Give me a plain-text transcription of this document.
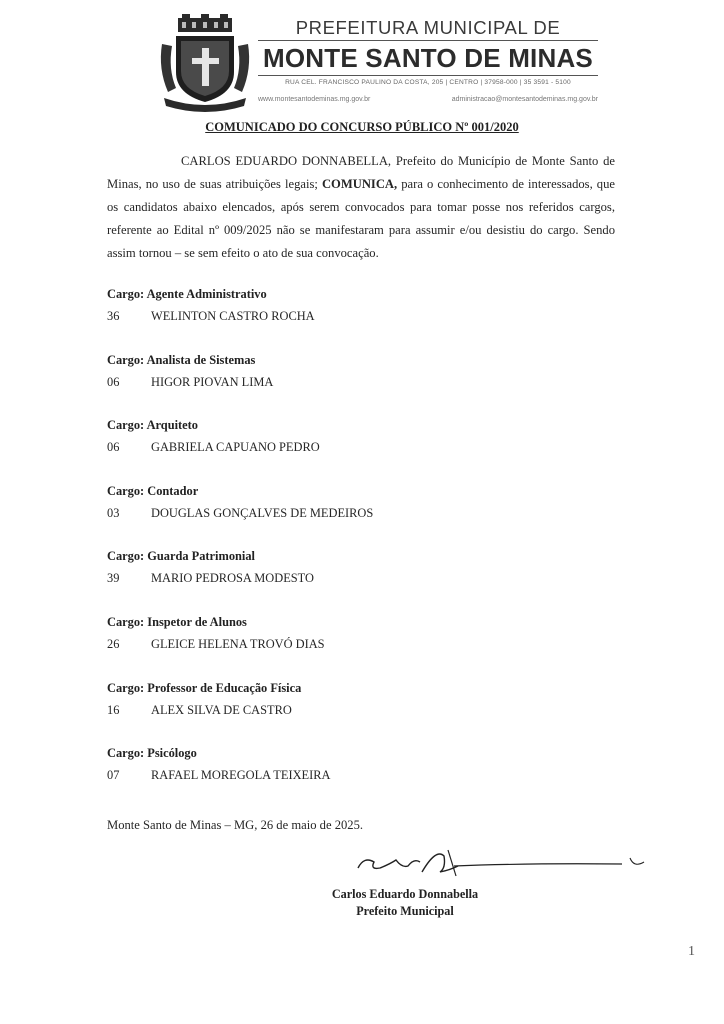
PREFEITURA MUNICIPAL DE
MONTE SANTO DE MINAS
RUA CEL. FRANCISCO PAULINO DA COSTA, 205 | CENTRO | 37958-000 | 35 3591 - 5100
www.montesantodeminas.mg.gov.br	administracao@montesantodeminas.mg.gov.br
COMUNICADO DO CONCURSO PÚBLICO Nº 001/2020
CARLOS EDUARDO DONNABELLA, Prefeito do Município de Monte Santo de Minas, no uso de suas atribuições legais; COMUNICA, para o conhecimento de interessados, que os candidatos abaixo elencados, após serem convocados para tomar posse nos referidos cargos, referente ao Edital nº 009/2025 não se manifestaram para assumir e/ou desistiu do cargo. Sendo assim tornou – se sem efeito o ato de sua convocação.
Cargo: Agente Administrativo
36	WELINTON CASTRO ROCHA
Cargo: Analista de Sistemas
06	HIGOR PIOVAN LIMA
Cargo: Arquiteto
06	GABRIELA CAPUANO PEDRO
Cargo: Contador
03	DOUGLAS GONÇALVES DE MEDEIROS
Cargo: Guarda Patrimonial
39	MARIO PEDROSA MODESTO
Cargo: Inspetor de Alunos
26	GLEICE HELENA TROVÓ DIAS
Cargo: Professor de Educação Física
16	ALEX SILVA DE CASTRO
Cargo: Psicólogo
07	RAFAEL MOREGOLA TEIXEIRA
Monte Santo de Minas – MG, 26 de maio de 2025.
Carlos Eduardo Donnabella
Prefeito Municipal
1
